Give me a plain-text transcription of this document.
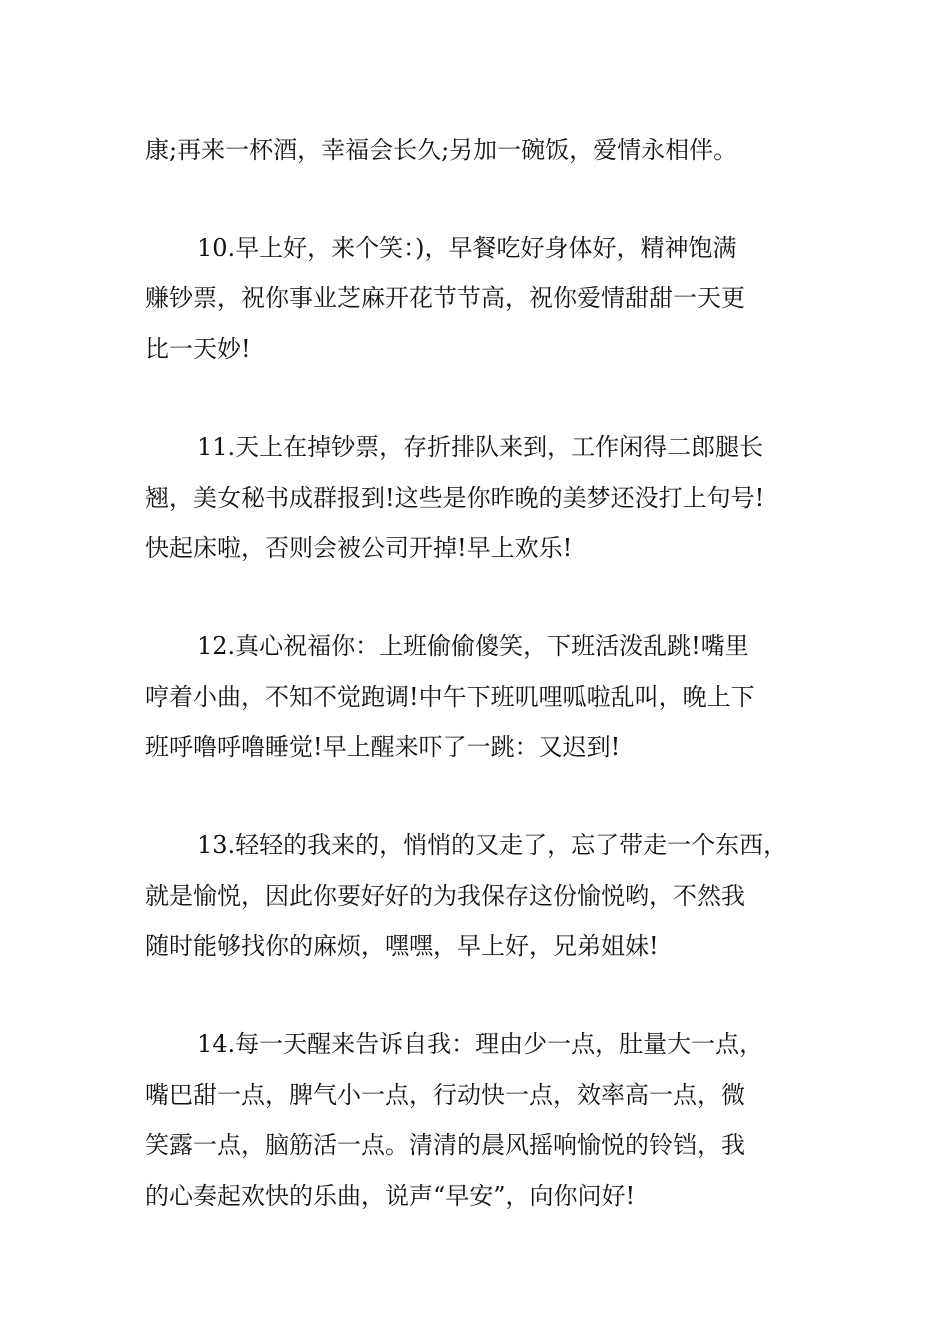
康;再来一杯酒，幸福会长久;另加一碗饭，爱情永相伴。

10.早上好，来个笑：)，早餐吃好身体好，精神饱满

赚钞票，祝你事业芝麻开花节节高，祝你爱情甜甜一天更

比一天妙!

11.天上在掉钞票，存折排队来到，工作闲得二郎腿长

翘，美女秘书成群报到!这些是你昨晚的美梦还没打上句号!

快起床啦，否则会被公司开掉!早上欢乐!

12.真心祝福你：上班偷偷傻笑，下班活泼乱跳!嘴里

哼着小曲，不知不觉跑调!中午下班叽哩呱啦乱叫，晚上下

班呼噜呼噜睡觉!早上醒来吓了一跳：又迟到!

13.轻轻的我来的，悄悄的又走了，忘了带走一个东西，

就是愉悦，因此你要好好的为我保存这份愉悦哟，不然我

随时能够找你的麻烦，嘿嘿，早上好，兄弟姐妹!

14.每一天醒来告诉自我：理由少一点，肚量大一点，

嘴巴甜一点，脾气小一点，行动快一点，效率高一点，微

笑露一点，脑筋活一点。清清的晨风摇响愉悦的铃铛，我

的心奏起欢快的乐曲，说声“早安”，向你问好!
